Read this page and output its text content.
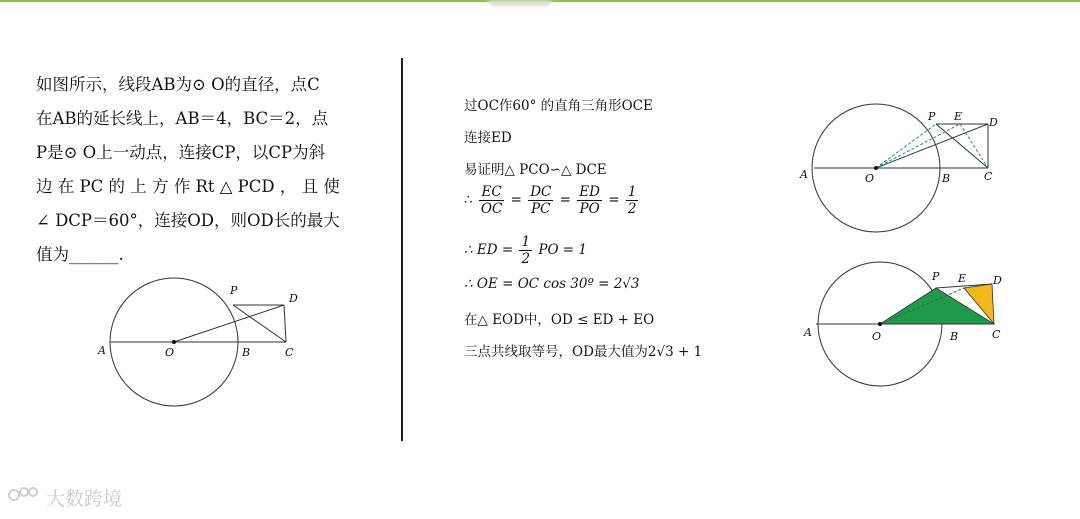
如图所示，线段AB为⊙ O的直径，点C
在AB的延长线上，AB＝4，BC＝2，点
P是⊙ O上一动点，连接CP，以CP为斜
边 在 PC 的 上 方 作 Rt △ PCD ， 且 使
∠ DCP＝60°，连接OD，则OD长的最大
值为______.
A	O	B	C
P
D
过OC作60° 的直角三角形OCE
连接ED
易证明△ PCO∽△ DCE
∴ $\frac{EC}{OC} = \frac{DC}{PC} = \frac{ED}{PO} = \frac{1}{2}$
∴ ED = $\frac{1}{2}$ PO = 1
∴ OE = OC cos 30º = 2√3
在△ EOD中，OD ≤ ED + EO
三点共线取等号，OD最大值为2√3 + 1
A	O	B	C
P E D
A	O	B	C
P E D
大数跨境
